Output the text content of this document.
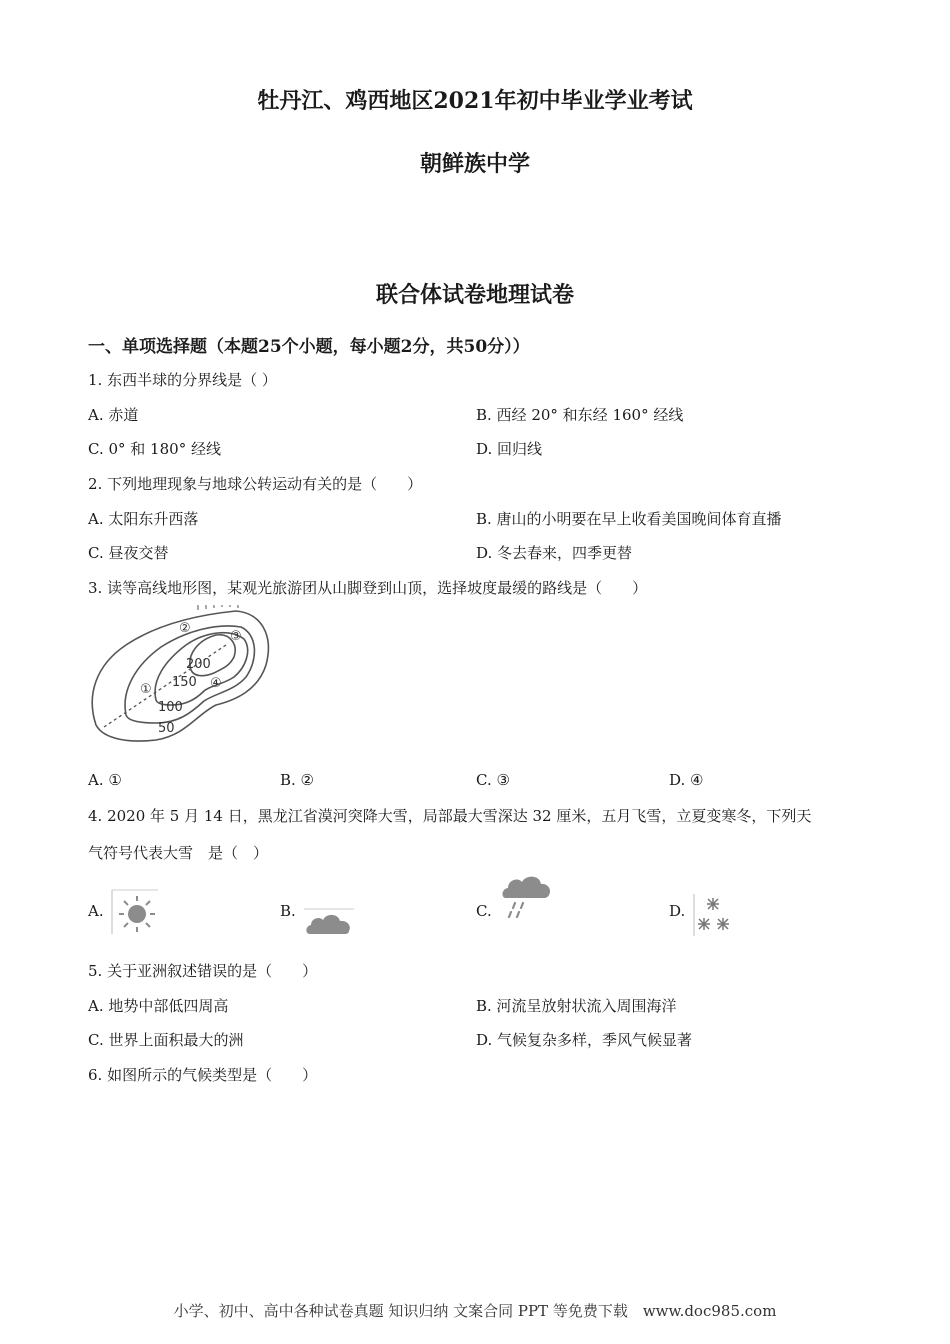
牡丹江、鸡西地区2021年初中毕业学业考试
朝鲜族中学
联合体试卷地理试卷
一、单项选择题（本题25个小题，每小题2分，共50分））
1. 东西半球的分界线是（ ）
A. 赤道	B. 西经 20° 和东经 160° 经线
C. 0° 和 180° 经线	D. 回归线
2. 下列地理现象与地球公转运动有关的是（　　）
A. 太阳东升西落	B. 唐山的小明要在早上收看美国晚间体育直播
C. 昼夜交替	D. 冬去春来，四季更替
3. 读等高线地形图，某观光旅游团从山脚登到山顶，选择坡度最缓的路线是（　　）
200
150
100
50
①
②
③
④
A. ①	B. ②	C. ③	D. ④
4. 2020 年 5 月 14 日，黑龙江省漠河突降大雪，局部最大雪深达 32 厘米，五月飞雪，立夏变寒冬，下列天
气符号代表大雪　是（　）
A.	B.	C.	D.
5. 关于亚洲叙述错误的是（　　）
A. 地势中部低四周高	B. 河流呈放射状流入周围海洋
C. 世界上面积最大的洲	D. 气候复杂多样，季风气候显著
6. 如图所示的气候类型是（　　）
小学、初中、高中各种试卷真题 知识归纳 文案合同 PPT 等免费下载　www.doc985.com
